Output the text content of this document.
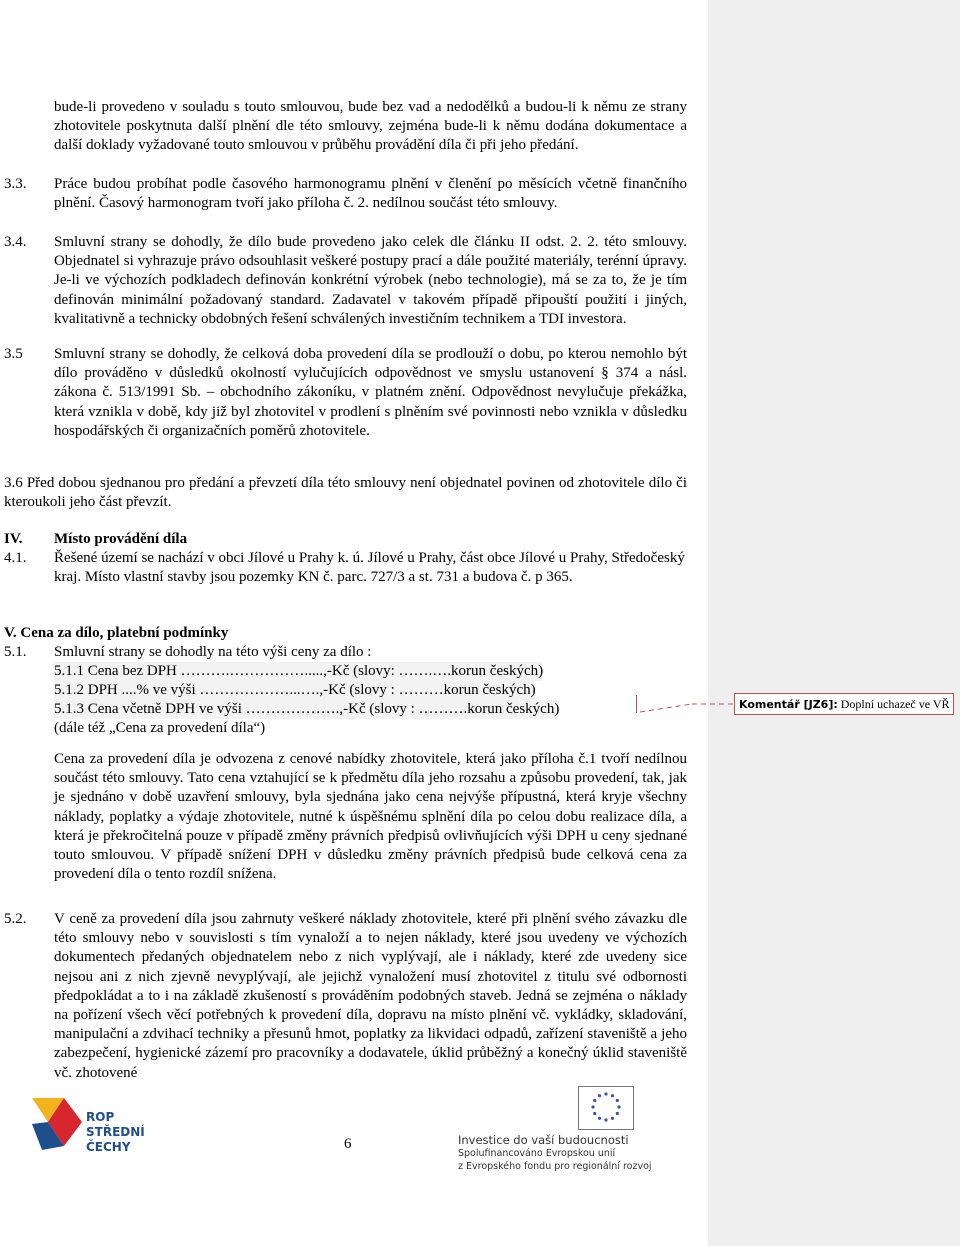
bude-li provedeno v souladu s touto smlouvou, bude bez vad a nedodělků a budou-li k němu ze strany zhotovitele poskytnuta další plnění dle této smlouvy, zejména bude-li k němu dodána dokumentace a další doklady vyžadované touto smlouvou v průběhu provádění díla či při jeho předání.

3.3. Práce budou probíhat podle časového harmonogramu plnění v členění po měsících včetně finančního plnění. Časový harmonogram tvoří jako příloha č. 2. nedílnou součást této smlouvy.

3.4. Smluvní strany se dohodly, že dílo bude provedeno jako celek dle článku II odst. 2. 2. této smlouvy. Objednatel si vyhrazuje právo odsouhlasit veškeré postupy prací a dále použité materiály, terénní úpravy. Je-li ve výchozích podkladech definován konkrétní výrobek (nebo technologie), má se za to, že je tím definován minimální požadovaný standard. Zadavatel v takovém případě připouští použití i jiných, kvalitativně a technicky obdobných řešení schválených investičním technikem a TDI investora.

3.5 Smluvní strany se dohodly, že celková doba provedení díla se prodlouží o dobu, po kterou nemohlo být dílo prováděno v důsledků okolností vylučujících odpovědnost ve smyslu ustanovení § 374 a násl. zákona č. 513/1991 Sb. – obchodního zákoníku, v platném znění. Odpovědnost nevylučuje překážka, která vznikla v době, kdy již byl zhotovitel v prodlení s plněním své povinnosti nebo vznikla v důsledku hospodářských či organizačních poměrů zhotovitele.

3.6 Před dobou sjednanou pro předání a převzetí díla této smlouvy není objednatel povinen od zhotovitele dílo či kteroukoli jeho část převzít.

IV. Místo provádění díla
4.1. Řešené území se nachází v obci Jílové u Prahy k. ú. Jílové u Prahy, část obce Jílové u Prahy, Středočeský kraj. Místo vlastní stavby jsou pozemky KN č. parc. 727/3 a st. 731 a budova č. p 365.

V. Cena za dílo, platební podmínky
5.1. Smluvní strany se dohodly na této výši ceny za dílo :
5.1.1 Cena bez DPH ……….…………….....,-Kč (slovy: …….….korun českých)
5.1.2 DPH ....% ve výši ………………...….,-Kč (slovy : ………korun českých)
5.1.3 Cena včetně DPH ve výši ……………….,-Kč (slovy : ……….korun českých)
(dále též „Cena za provedení díla“)
Komentář [JZ6]: Doplní uchazeč ve VŘ

Cena za provedení díla je odvozena z cenové nabídky zhotovitele, která jako příloha č.1 tvoří nedílnou součást této smlouvy. Tato cena vztahující se k předmětu díla jeho rozsahu a způsobu provedení, tak, jak je sjednáno v době uzavření smlouvy, byla sjednána jako cena nejvýše přípustná, která kryje všechny náklady, poplatky a výdaje zhotovitele, nutné k úspěšnému splnění díla po celou dobu realizace díla, a která je překročitelná pouze v případě změny právních předpisů ovlivňujících výši DPH u ceny sjednané touto smlouvou. V případě snížení DPH v důsledku změny právních předpisů bude celková cena za provedení díla o tento rozdíl snížena.

5.2. V ceně za provedení díla jsou zahrnuty veškeré náklady zhotovitele, které při plnění svého závazku dle této smlouvy nebo v souvislosti s tím vynaloží a to nejen náklady, které jsou uvedeny ve výchozích dokumentech předaných objednatelem nebo z nich vyplývají, ale i náklady, které zde uvedeny sice nejsou ani z nich zjevně nevyplývají, ale jejichž vynaložení musí zhotovitel z titulu své odbornosti předpokládat a to i na základě zkušeností s prováděním podobných staveb. Jedná se zejména o náklady na pořízení všech věcí potřebných k provedení díla, dopravu na místo plnění vč. vykládky, skladování, manipulační a zdvihací techniky a přesunů hmot, poplatky za likvidaci odpadů, zařízení staveniště a jeho zabezpečení, hygienické zázemí pro pracovníky a dodavatele, úklid průběžný a konečný úklid staveniště vč. zhotovené

ROP
STŘEDNÍ
ČECHY	6	Investice do vaší budoucnosti
Spolufinancováno Evropskou unií
z Evropského fondu pro regionální rozvoj
